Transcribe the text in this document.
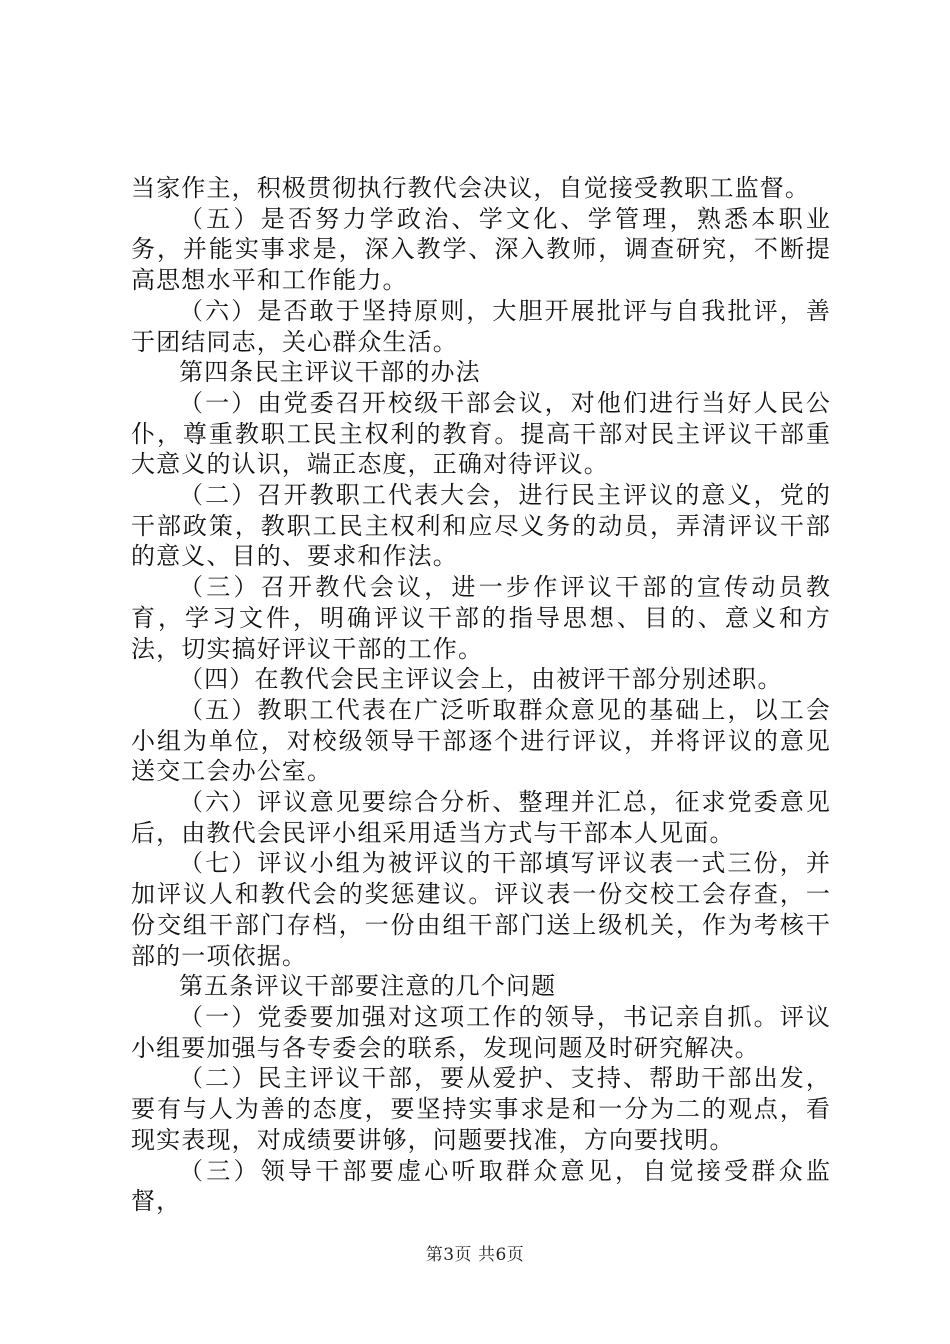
当家作主，积极贯彻执行教代会决议，自觉接受教职工监督。

（五）是否努力学政治、学文化、学管理，熟悉本职业务，并能实事求是，深入教学、深入教师，调查研究，不断提高思想水平和工作能力。

（六）是否敢于坚持原则，大胆开展批评与自我批评，善于团结同志，关心群众生活。

第四条民主评议干部的办法

（一）由党委召开校级干部会议，对他们进行当好人民公仆，尊重教职工民主权利的教育。提高干部对民主评议干部重大意义的认识，端正态度，正确对待评议。

（二）召开教职工代表大会，进行民主评议的意义，党的干部政策，教职工民主权利和应尽义务的动员，弄清评议干部的意义、目的、要求和作法。

（三）召开教代会议，进一步作评议干部的宣传动员教育，学习文件，明确评议干部的指导思想、目的、意义和方法，切实搞好评议干部的工作。

（四）在教代会民主评议会上，由被评干部分别述职。

（五）教职工代表在广泛听取群众意见的基础上，以工会小组为单位，对校级领导干部逐个进行评议，并将评议的意见送交工会办公室。

（六）评议意见要综合分析、整理并汇总，征求党委意见后，由教代会民评小组采用适当方式与干部本人见面。

（七）评议小组为被评议的干部填写评议表一式三份，并加评议人和教代会的奖惩建议。评议表一份交校工会存查，一份交组干部门存档，一份由组干部门送上级机关，作为考核干部的一项依据。

第五条评议干部要注意的几个问题

（一）党委要加强对这项工作的领导，书记亲自抓。评议小组要加强与各专委会的联系，发现问题及时研究解决。

（二）民主评议干部，要从爱护、支持、帮助干部出发，要有与人为善的态度，要坚持实事求是和一分为二的观点，看现实表现，对成绩要讲够，问题要找准，方向要找明。

（三）领导干部要虚心听取群众意见，自觉接受群众监督，

第3页 共6页
